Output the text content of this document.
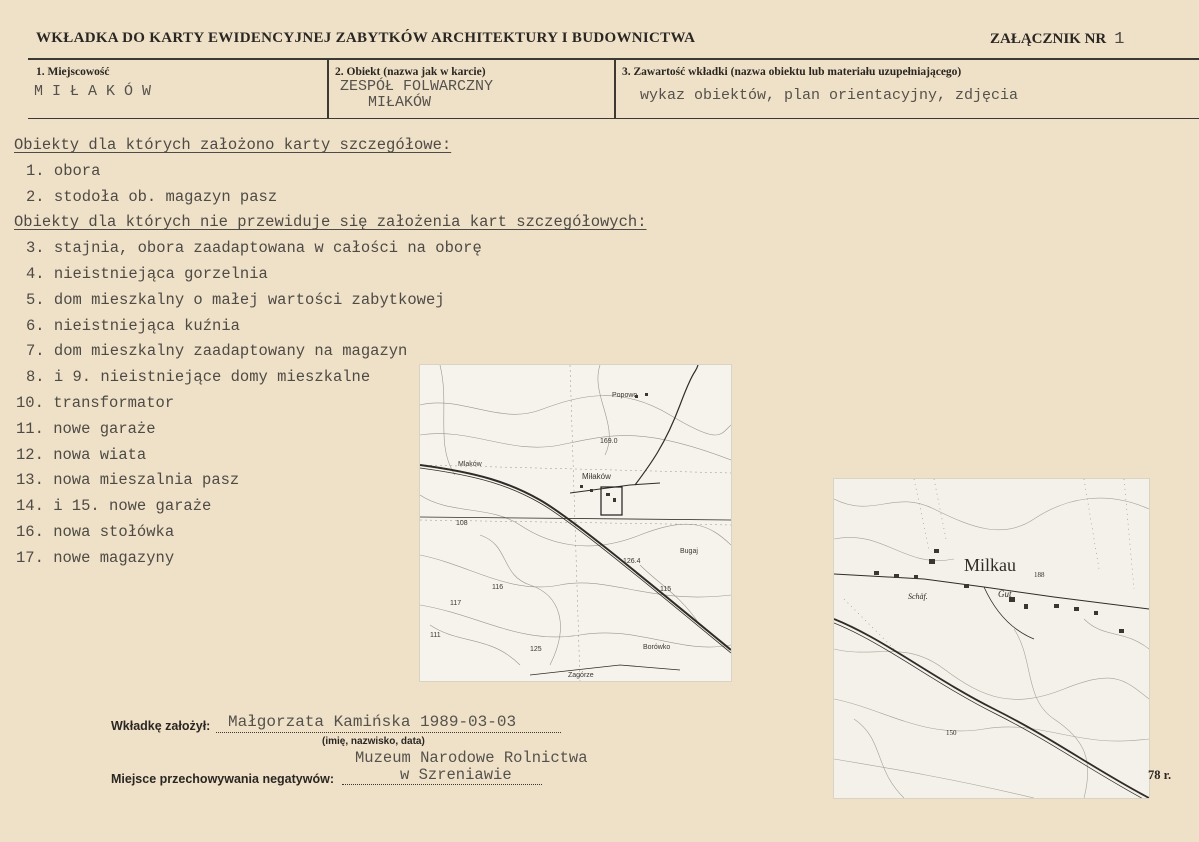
WKŁADKA DO KARTY EWIDENCYJNEJ ZABYTKÓW ARCHITEKTURY I BUDOWNICTWA	ZAŁĄCZNIK NR 1
1. Miejscowość
MIŁAKÓW
2. Obiekt (nazwa jak w karcie)
ZESPÓŁ FOLWARCZNY
MIŁAKÓW
3. Zawartość wkładki (nazwa obiektu lub materiału uzupełniającego)
wykaz obiektów, plan orientacyjny, zdjęcia
Obiekty dla których założono karty szczegółowe:
1. obora
2. stodoła ob. magazyn pasz
Obiekty dla których nie przewiduje się założenia kart szczegółowych:
3. stajnia, obora zaadaptowana w całości na oborę
4. nieistniejąca gorzelnia
5. dom mieszkalny o małej wartości zabytkowej
6. nieistniejąca kuźnia
7. dom mieszkalny zaadaptowany na magazyn
8. i 9. nieistniejące domy mieszkalne
10. transformator
11. nowe garaże
12. nowa wiata
13. nowa mieszalnia pasz
14. i 15. nowe garaże
16. nowa stołówka
17. nowe magazyny
Popowo
169.0
Mlaków
Miłaków
116	115
108
126.4
111
Borówko
Zagórze
Bugaj
125
117
Milkau
Schäf.	Gut
188
150
Wkładkę założył: Małgorzata Kamińska 1989-03-03
(imię, nazwisko, data)
Muzeum Narodowe Rolnictwa
Miejsce przechowywania negatywów:	w Szreniawie	78 r.
